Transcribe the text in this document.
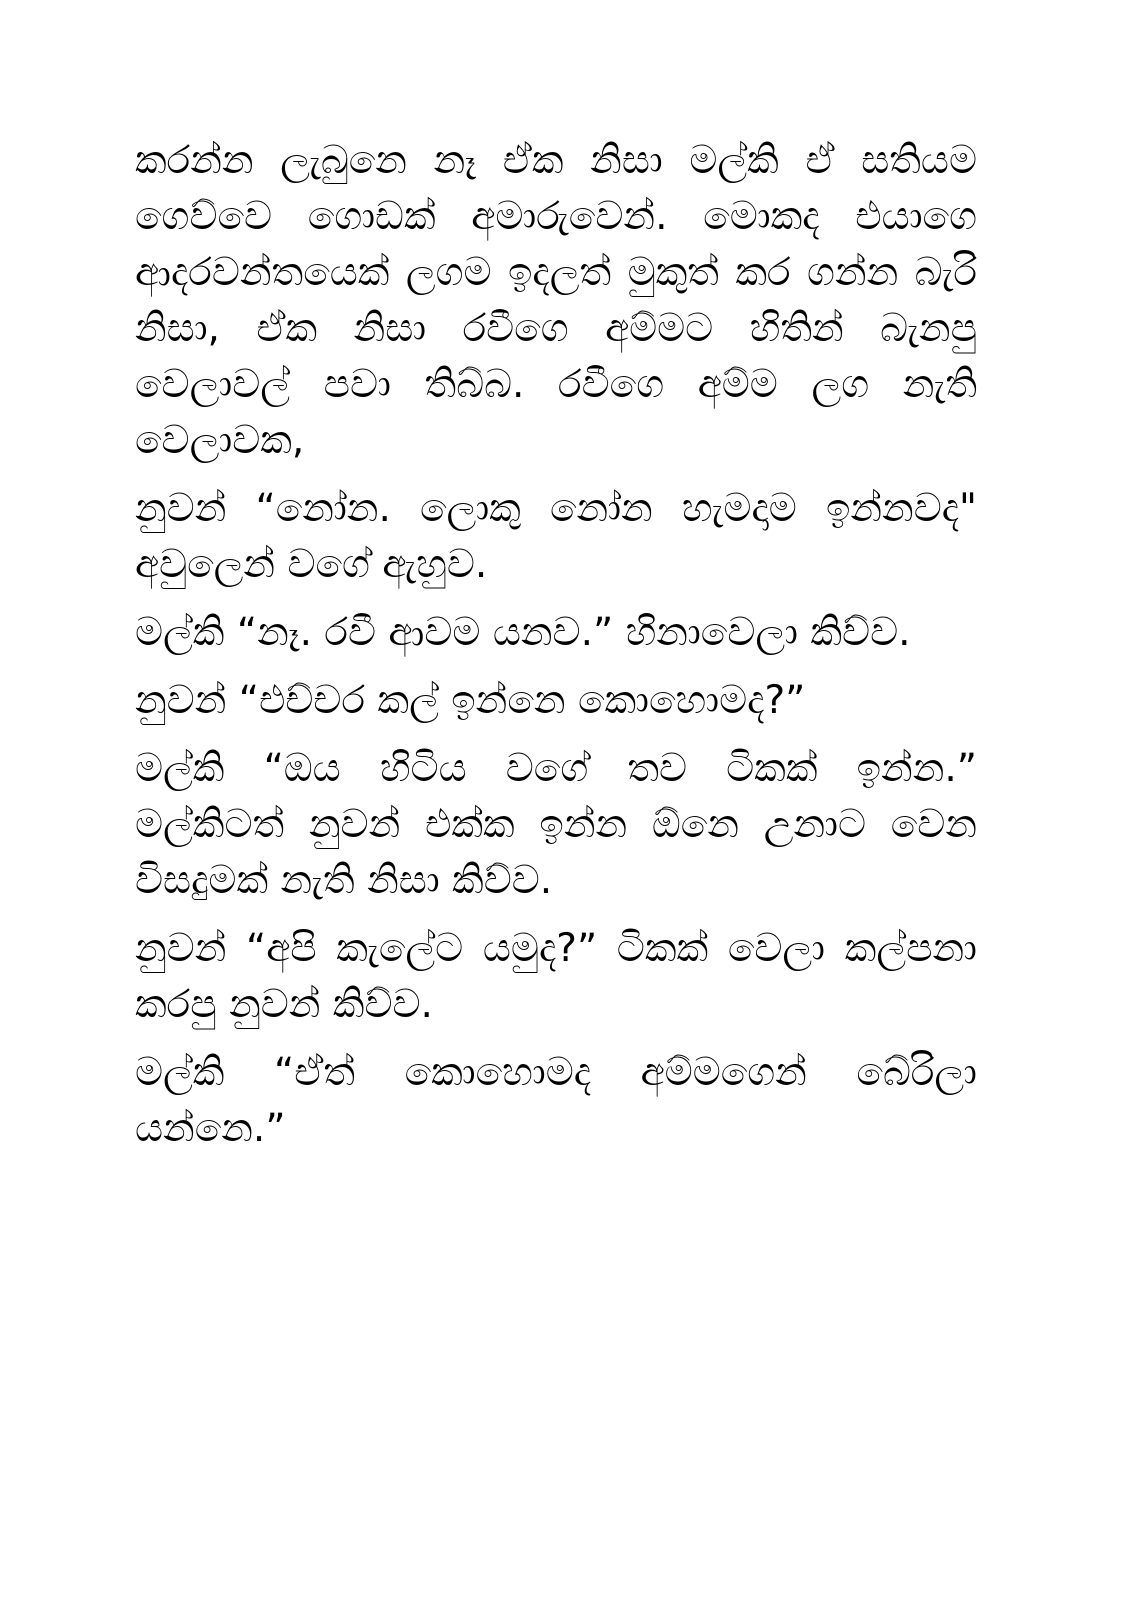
කරන්න ලැබුනෙ නෑ ඒක නිසා මල්කි ඒ සතියම ගෙව්වෙ ගොඩක් අමාරුවෙන්. මොකද එයාගෙ ආදරවන්තයෙක් ලගම ඉදලත් මුකුත් කර ගන්න බැරි නිසා, ඒක නිසා රවීගෙ අම්මට හිතින් බැනපු වෙලාවල් පවා තිබ්බ. රවීගෙ අම්ම ලග නැති වෙලාවක,

නුවන් “නෝන. ලොකු නෝන හැමදාම ඉන්නවද" අවුලෙන් වගේ ඇහුව.

මල්කි “නෑ. රවී ආවම යනව.” හිනාවෙලා කිව්ව.

නුවන් “එච්චර කල් ඉන්නෙ කොහොමද?”

මල්කි “ඔය හිටිය වගේ තව ටිකක් ඉන්න.” මල්කිටත් නුවන් එක්ක ඉන්න ඕනෙ උනාට වෙන විසදුමක් නැති නිසා කිව්ව.

නුවන් “අපි කැලේට යමුද?” ටිකක් වෙලා කල්පනා කරපු නුවන් කිව්ව.

මල්කි “ඒත් කොහොමද අම්මගෙන් බේරිලා යන්නෙ.”
